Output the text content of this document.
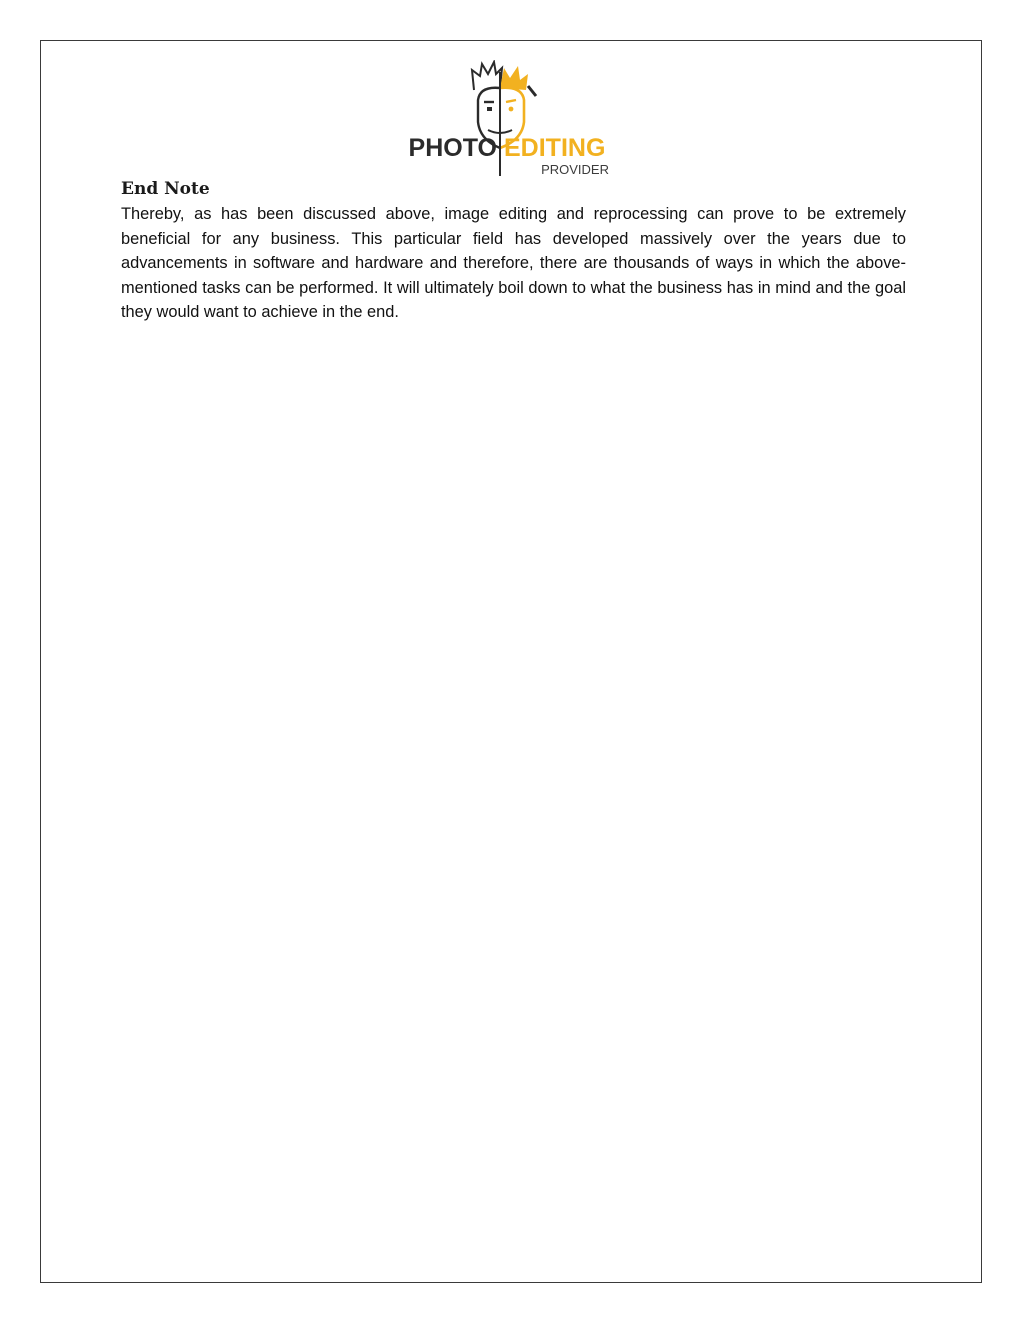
PHOTO EDITING
PROVIDER
End Note

Thereby, as has been discussed above, image editing and reprocessing can prove to be extremely beneficial for any business. This particular field has developed massively over the years due to advancements in software and hardware and therefore, there are thousands of ways in which the above-mentioned tasks can be performed. It will ultimately boil down to what the business has in mind and the goal they would want to achieve in the end.
